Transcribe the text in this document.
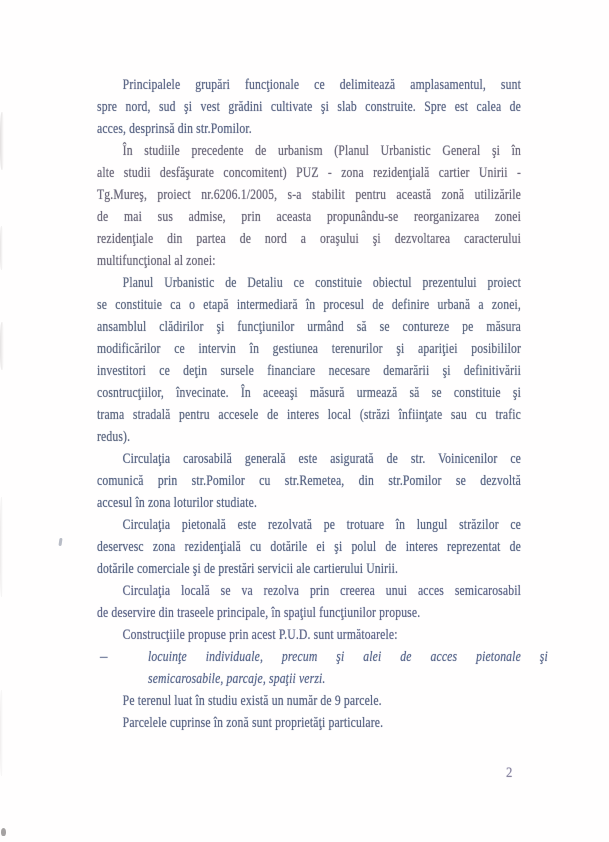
Principalele grupări funcţionale ce delimitează amplasamentul, sunt
spre nord, sud şi vest grădini cultivate şi slab construite. Spre est calea de
acces, desprinsă din str.Pomilor.

În studiile precedente de urbanism (Planul Urbanistic General şi în
alte studii desfăşurate concomitent) PUZ - zona rezidenţială cartier Unirii -
Tg.Mureş, proiect nr.6206.1/2005, s-a stabilit pentru această zonă utilizările
de mai sus admise, prin aceasta propunându-se reorganizarea zonei
rezidenţiale din partea de nord a oraşului şi dezvoltarea caracterului
multifuncţional al zonei:

Planul Urbanistic de Detaliu ce constituie obiectul prezentului proiect
se constituie ca o etapă intermediară în procesul de definire urbană a zonei,
ansamblul clădirilor şi funcţiunilor urmând să se contureze pe măsura
modificărilor ce intervin în gestiunea terenurilor şi apariţiei posibililor
investitori ce deţin sursele financiare necesare demarării şi definitivării
cosntrucţiilor, învecinate. În aceeaşi măsură urmează să se constituie şi
trama stradală pentru accesele de interes local (străzi înfiinţate sau cu trafic
redus).

Circulaţia carosabilă generală este asigurată de str. Voinicenilor ce
comunică prin str.Pomilor cu str.Remetea, din str.Pomilor se dezvoltă
accesul în zona loturilor studiate.

Circulaţia pietonală este rezolvată pe trotuare în lungul străzilor ce
deservesc zona rezidenţială cu dotările ei şi polul de interes reprezentat de
dotările comerciale şi de prestări servicii ale cartierului Unirii.

Circulaţia locală se va rezolva prin creerea unui acces semicarosabil
de deservire din traseele principale, în spaţiul funcţiunilor propuse.

Construcţiile propuse prin acest P.U.D. sunt următoarele:

–	locuinţe individuale, precum şi alei de acces pietonale şi
semicarosabile, parcaje, spaţii verzi.

Pe terenul luat în studiu există un număr de 9 parcele.
Parcelele cuprinse în zonă sunt proprietăţi particulare.

2
